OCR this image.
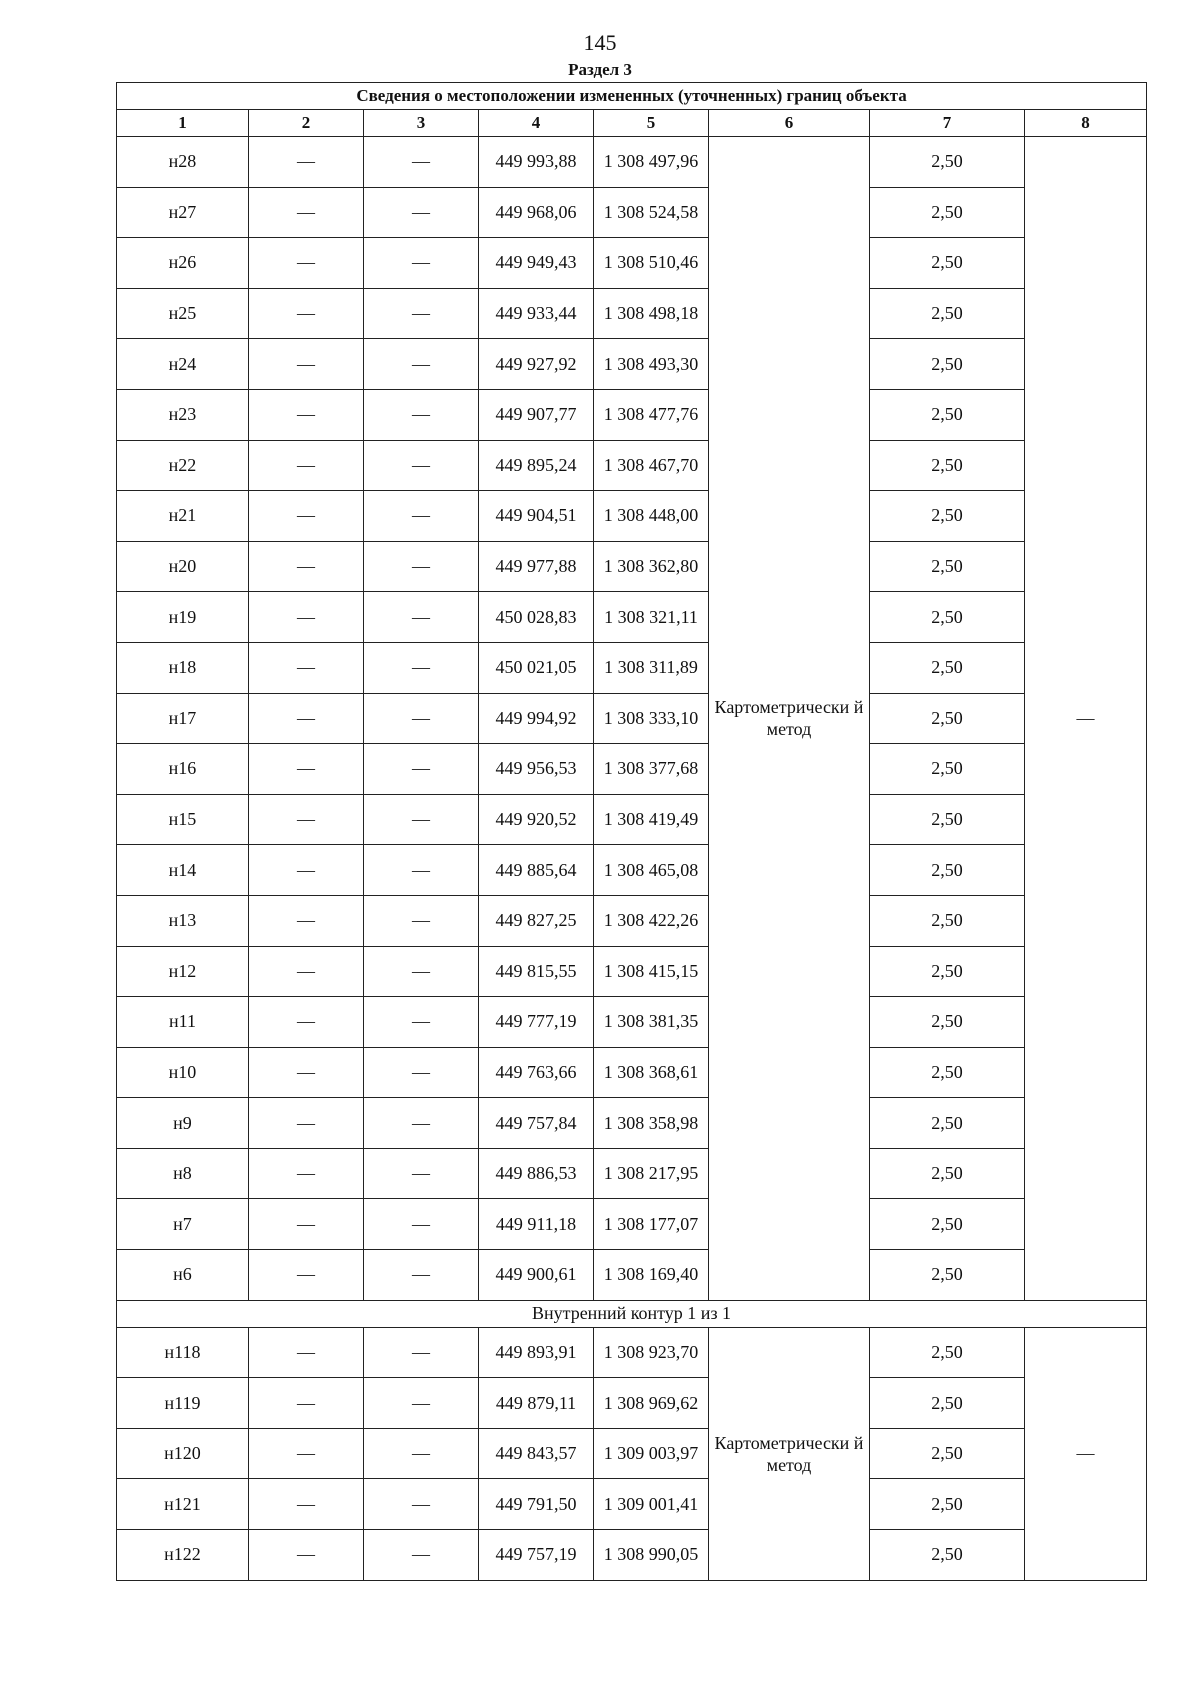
145
Раздел 3
Сведения о местоположении измененных (уточненных) границ объекта							
1	2	3	4	5	6	7	8
н28	—	—	449 993,88	1 308 497,96	Картометрически й метод	2,50	—
н27	—	—	449 968,06	1 308 524,58		2,50	
н26	—	—	449 949,43	1 308 510,46		2,50	
н25	—	—	449 933,44	1 308 498,18		2,50	
н24	—	—	449 927,92	1 308 493,30		2,50	
н23	—	—	449 907,77	1 308 477,76		2,50	
н22	—	—	449 895,24	1 308 467,70		2,50	
н21	—	—	449 904,51	1 308 448,00		2,50	
н20	—	—	449 977,88	1 308 362,80		2,50	
н19	—	—	450 028,83	1 308 321,11		2,50	
н18	—	—	450 021,05	1 308 311,89		2,50	
н17	—	—	449 994,92	1 308 333,10		2,50	
н16	—	—	449 956,53	1 308 377,68		2,50	
н15	—	—	449 920,52	1 308 419,49		2,50	
н14	—	—	449 885,64	1 308 465,08		2,50	
н13	—	—	449 827,25	1 308 422,26		2,50	
н12	—	—	449 815,55	1 308 415,15		2,50	
н11	—	—	449 777,19	1 308 381,35		2,50	
н10	—	—	449 763,66	1 308 368,61		2,50	
н9	—	—	449 757,84	1 308 358,98		2,50	
н8	—	—	449 886,53	1 308 217,95		2,50	
н7	—	—	449 911,18	1 308 177,07		2,50	
н6	—	—	449 900,61	1 308 169,40		2,50	
Внутренний контур 1 из 1							
н118	—	—	449 893,91	1 308 923,70	Картометрически й метод	2,50	—
н119	—	—	449 879,11	1 308 969,62		2,50	
н120	—	—	449 843,57	1 309 003,97		2,50	
н121	—	—	449 791,50	1 309 001,41		2,50	
н122	—	—	449 757,19	1 308 990,05		2,50	
